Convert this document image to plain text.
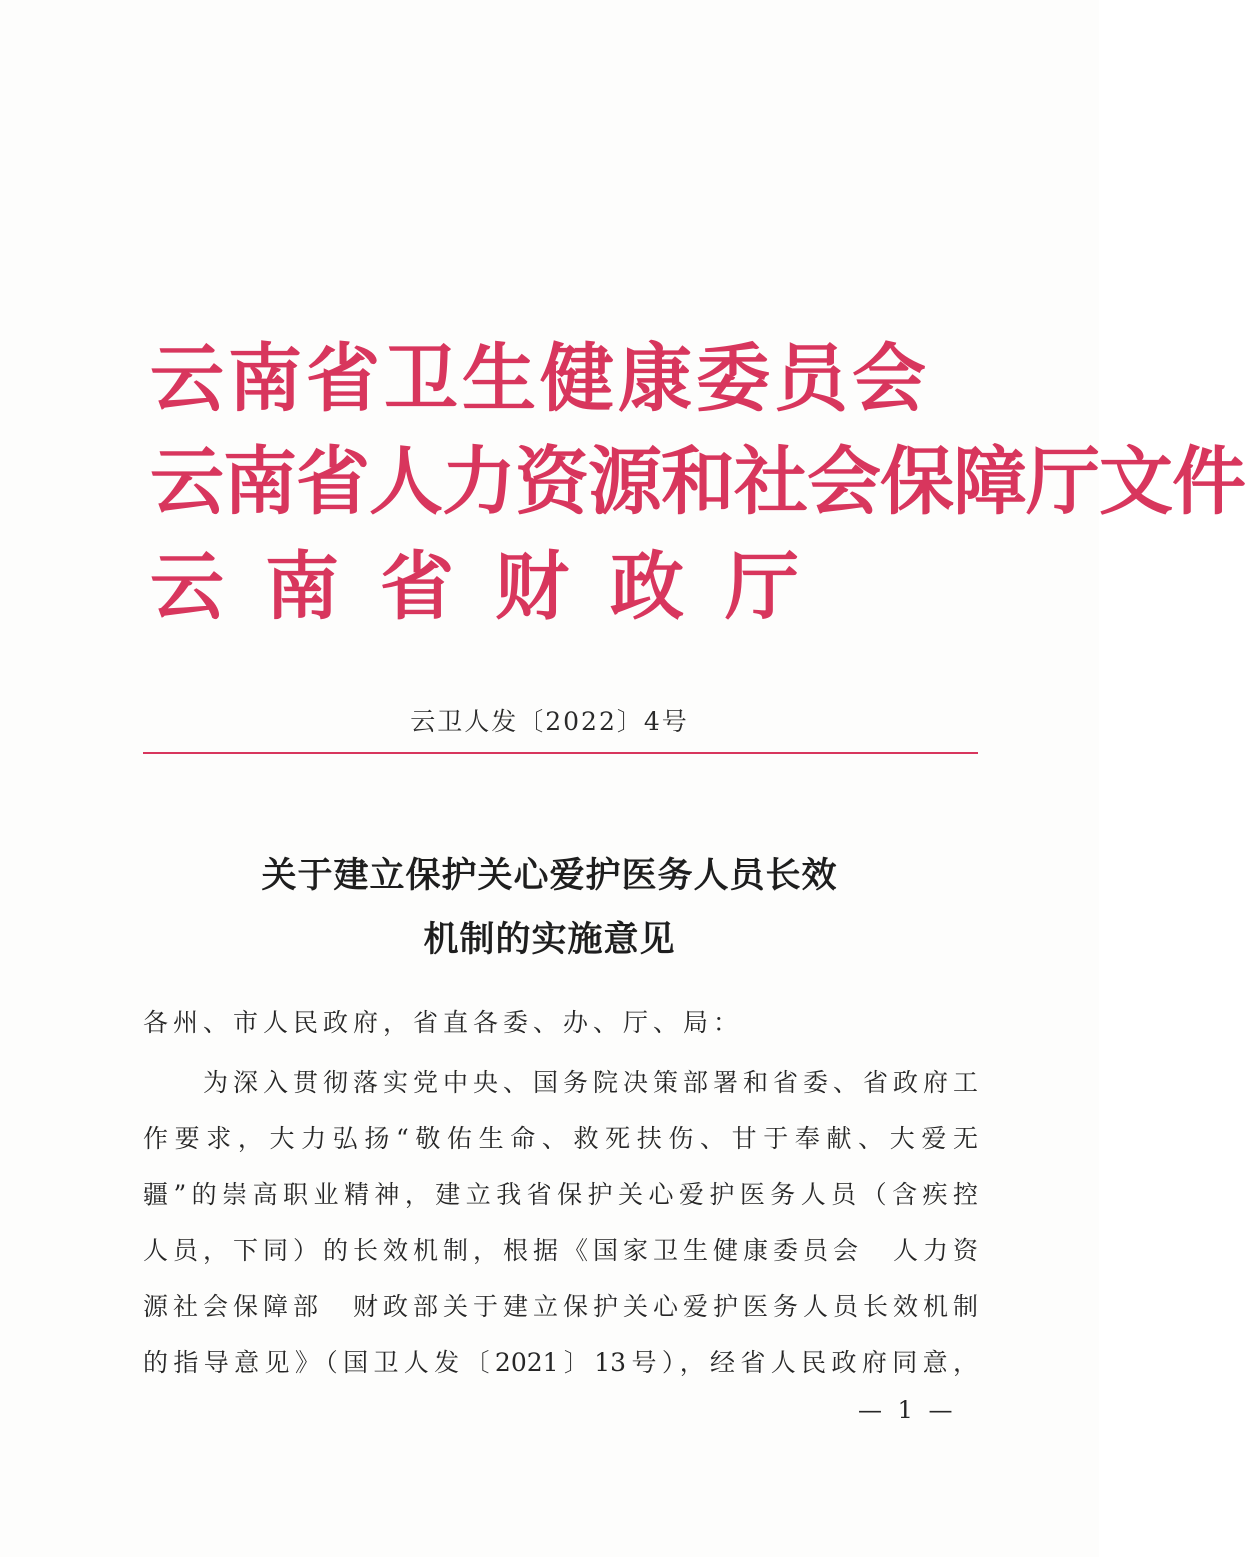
云南省卫生健康委员会
云南省人力资源和社会保障厅文件
云南省财政厅
云卫人发〔2022〕4号
关于建立保护关心爱护医务人员长效
机制的实施意见
各州、市人民政府，省直各委、办、厅、局：
为深入贯彻落实党中央、国务院决策部署和省委、省政府工
作要求，大力弘扬“敬佑生命、救死扶伤、甘于奉献、大爱无
疆”的崇高职业精神，建立我省保护关心爱护医务人员（含疾控
人员，下同）的长效机制，根据《国家卫生健康委员会　人力资
源社会保障部　财政部关于建立保护关心爱护医务人员长效机制
的指导意见》（国卫人发〔2021〕13号），经省人民政府同意，
— 1 —
